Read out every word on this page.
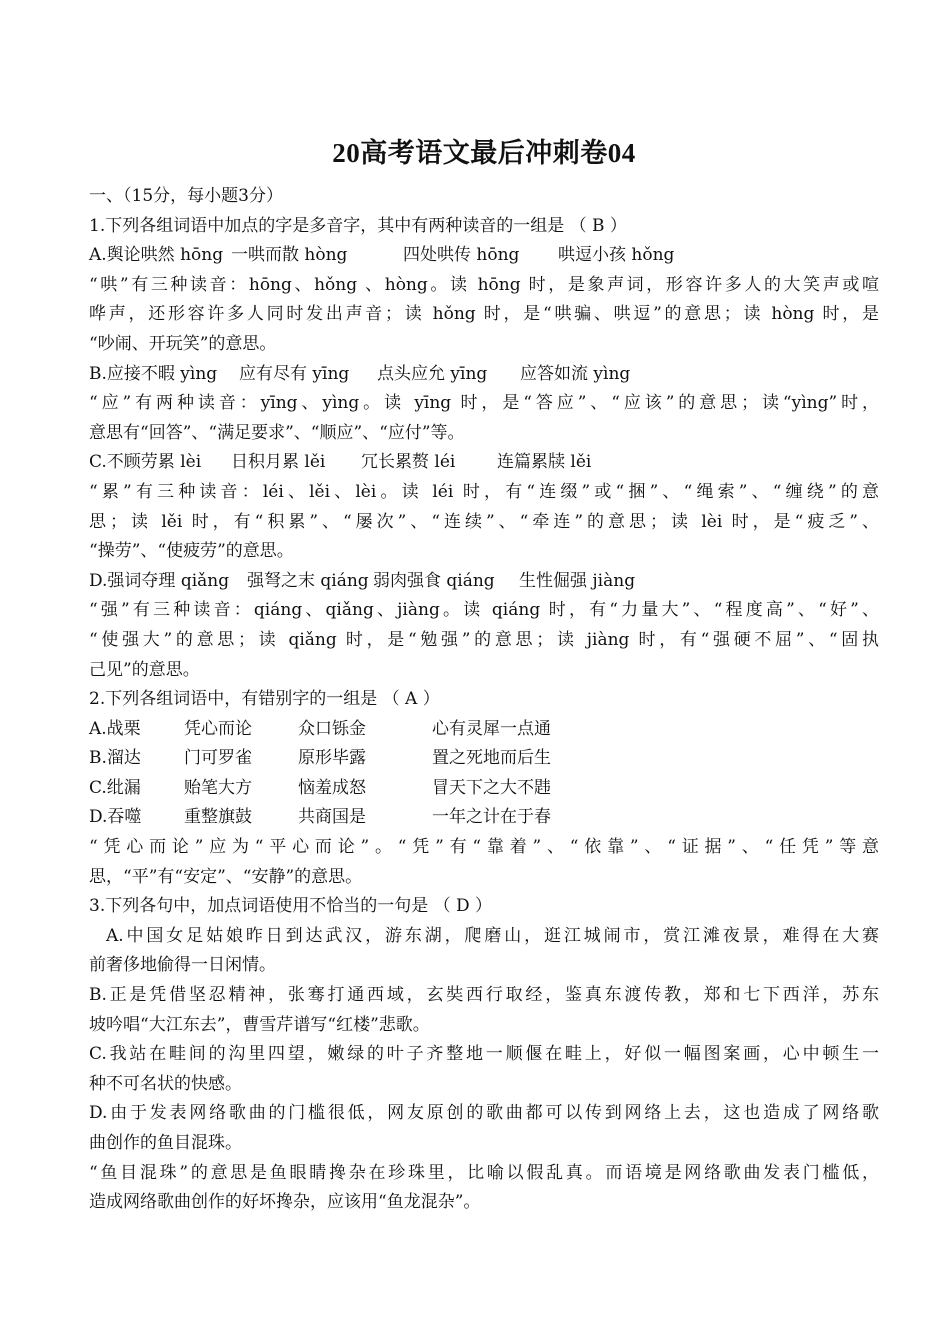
20高考语文最后冲刺卷04
一、（15分，每小题3分）
1.下列各组词语中加点的字是多音字，其中有两种读音的一组是 （ B ）
A.舆论哄然 hōng 一哄而散 hòng	四处哄传 hōng	哄逗小孩 hǒng
“哄”有三种读音：hōng、hǒng 、hòng。读 hōng 时，是象声词，形容许多人的大笑声或喧
哗声，还形容许多人同时发出声音；读 hǒng 时，是“哄骗、哄逗”的意思；读 hòng 时，是
“吵闹、开玩笑”的意思。
B.应接不暇 yìng	应有尽有 yīng	点头应允 yīng	应答如流 yìng
“应”有两种读音：yīng、yìng。读 yīng 时，是“答应”、“应该”的意思；读“yìng”时，
意思有“回答”、“满足要求”、“顺应”、“应付”等。
C.不顾劳累 lèi	日积月累 lěi	冗长累赘 léi	连篇累牍 lěi
“累”有三种读音：léi、lěi、lèi。读 léi 时，有“连缀”或“捆”、“绳索”、“缠绕”的意
思；读 lěi 时，有“积累”、“屡次”、“连续”、“牵连”的意思；读 lèi 时，是“疲乏”、
“操劳”、“使疲劳”的意思。
D.强词夺理 qiǎng	强弩之末 qiáng 弱肉强食 qiáng	生性倔强 jiàng
“强”有三种读音：qiáng、qiǎng、jiàng。读 qiáng 时，有“力量大”、“程度高”、“好”、
“使强大”的意思；读 qiǎng 时，是“勉强”的意思；读 jiàng 时，有“强硬不屈”、“固执
己见”的意思。
2.下列各组词语中，有错别字的一组是 （ A ）
A.战栗	凭心而论	众口铄金	心有灵犀一点通
B.溜达	门可罗雀	原形毕露	置之死地而后生
C.纰漏	贻笔大方	恼羞成怒	冒天下之大不韪
D.吞噬	重整旗鼓	共商国是	一年之计在于春
“凭心而论”应为“平心而论”。“凭”有“靠着”、“依靠”、“证据”、“任凭”等意
思，“平”有“安定”、“安静”的意思。
3.下列各句中，加点词语使用不恰当的一句是 （ D ）
A.中国女足姑娘昨日到达武汉，游东湖，爬磨山，逛江城闹市，赏江滩夜景，难得在大赛
前奢侈地偷得一日闲情。
B.正是凭借坚忍精神，张骞打通西域，玄奘西行取经，鉴真东渡传教，郑和七下西洋，苏东
坡吟唱“大江东去”，曹雪芹谱写“红楼”悲歌。
C.我站在畦间的沟里四望，嫩绿的叶子齐整地一顺偃在畦上，好似一幅图案画，心中顿生一
种不可名状的快感。
D.由于发表网络歌曲的门槛很低，网友原创的歌曲都可以传到网络上去，这也造成了网络歌
曲创作的鱼目混珠。
“鱼目混珠”的意思是鱼眼睛搀杂在珍珠里，比喻以假乱真。而语境是网络歌曲发表门槛低，
造成网络歌曲创作的好坏搀杂，应该用“鱼龙混杂”。
